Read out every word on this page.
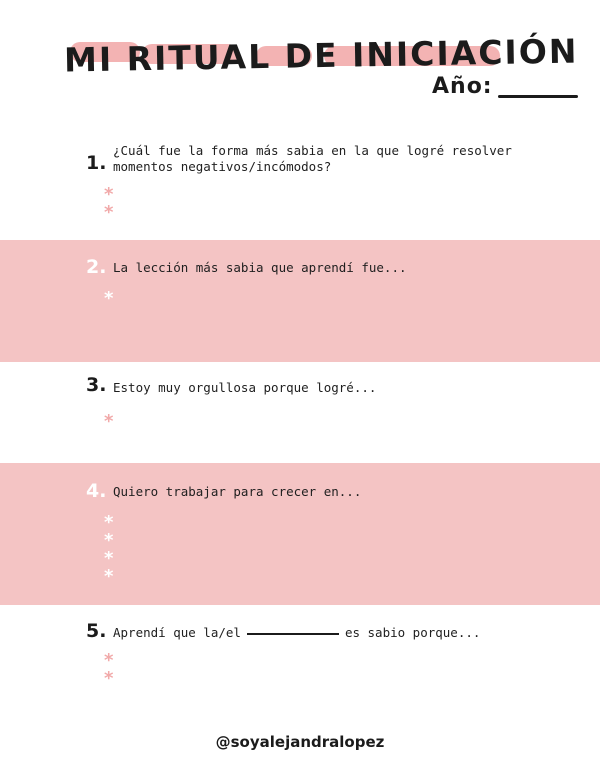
MI RITUAL DE INICIACIÓN
Año:
1.
¿Cuál fue la forma más sabia en la que logré resolver
momentos negativos/incómodos?
*
*
2. La lección más sabia que aprendí fue...
*
3. Estoy muy orgullosa porque logré...
*
4. Quiero trabajar para crecer en...
*
*
*
*
5. Aprendí que la/el	es sabio porque...
*
*
@soyalejandralopez
